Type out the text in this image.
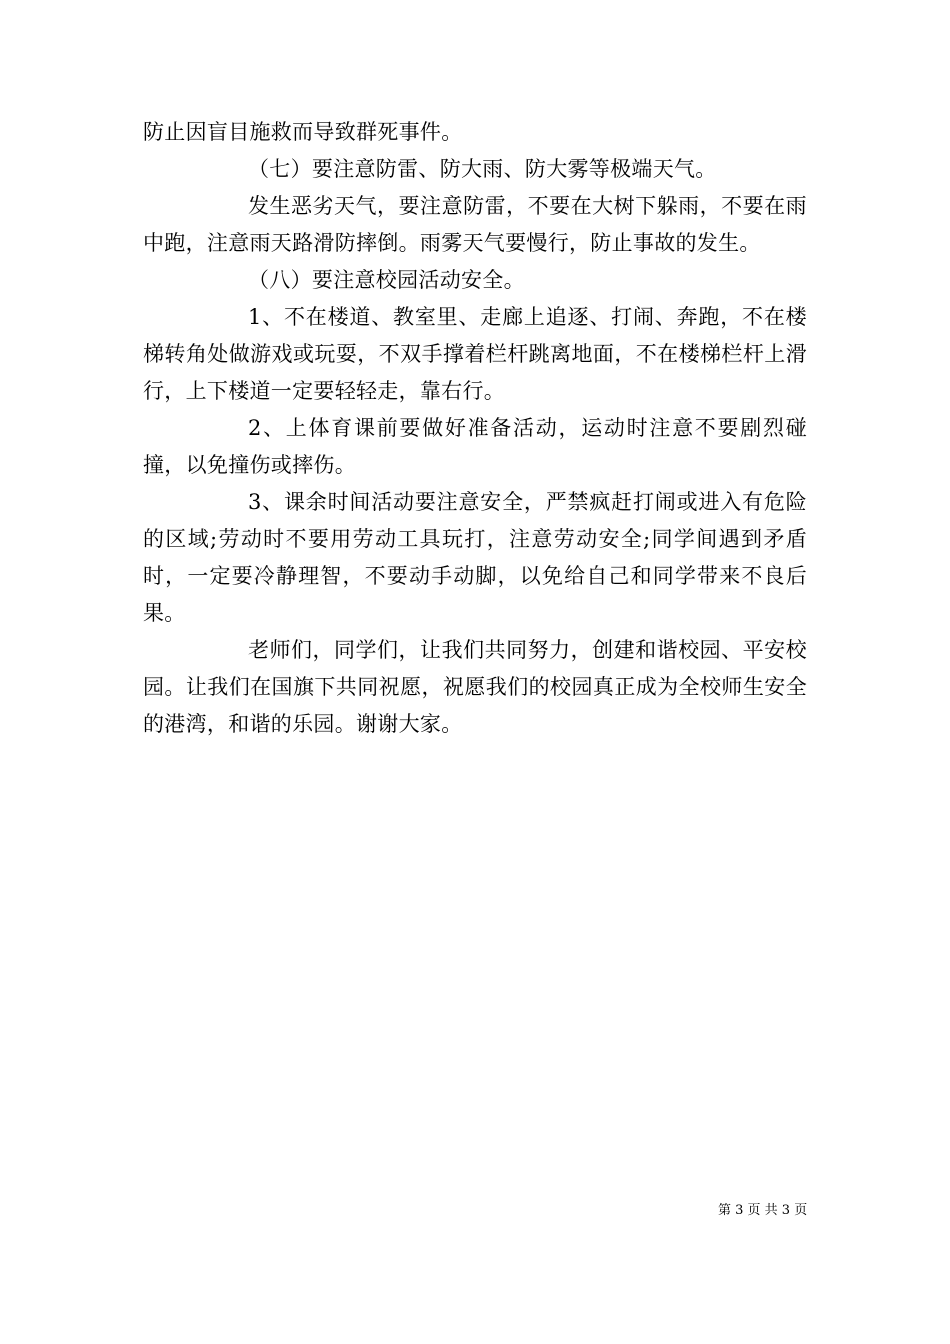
防止因盲目施救而导致群死事件。

（七）要注意防雷、防大雨、防大雾等极端天气。

发生恶劣天气，要注意防雷，不要在大树下躲雨，不要在雨中跑，注意雨天路滑防摔倒。雨雾天气要慢行，防止事故的发生。

（八）要注意校园活动安全。

1、不在楼道、教室里、走廊上追逐、打闹、奔跑，不在楼梯转角处做游戏或玩耍，不双手撑着栏杆跳离地面，不在楼梯栏杆上滑行，上下楼道一定要轻轻走，靠右行。

2、上体育课前要做好准备活动，运动时注意不要剧烈碰撞，以免撞伤或摔伤。

3、课余时间活动要注意安全，严禁疯赶打闹或进入有危险的区域;劳动时不要用劳动工具玩打，注意劳动安全;同学间遇到矛盾时，一定要冷静理智，不要动手动脚，以免给自己和同学带来不良后果。

老师们，同学们，让我们共同努力，创建和谐校园、平安校园。让我们在国旗下共同祝愿，祝愿我们的校园真正成为全校师生安全的港湾，和谐的乐园。谢谢大家。

第 3 页 共 3 页
